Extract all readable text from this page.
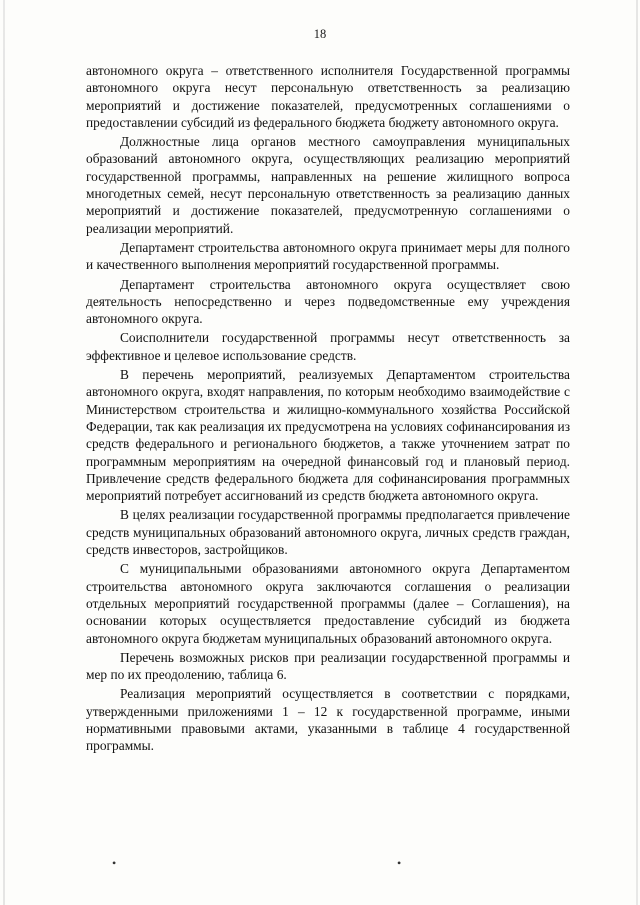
18

автономного округа – ответственного исполнителя Государственной программы автономного округа несут персональную ответственность за реализацию мероприятий и достижение показателей, предусмотренных соглашениями о предоставлении субсидий из федерального бюджета бюджету автономного округа.

Должностные лица органов местного самоуправления муниципальных образований автономного округа, осуществляющих реализацию мероприятий государственной программы, направленных на решение жилищного вопроса многодетных семей, несут персональную ответственность за реализацию данных мероприятий и достижение показателей, предусмотренную соглашениями о реализации мероприятий.

Департамент строительства автономного округа принимает меры для полного и качественного выполнения мероприятий государственной программы.

Департамент строительства автономного округа осуществляет свою деятельность непосредственно и через подведомственные ему учреждения автономного округа.

Соисполнители государственной программы несут ответственность за эффективное и целевое использование средств.

В перечень мероприятий, реализуемых Департаментом строительства автономного округа, входят направления, по которым необходимо взаимодействие с Министерством строительства и жилищно-коммунального хозяйства Российской Федерации, так как реализация их предусмотрена на условиях софинансирования из средств федерального и регионального бюджетов, а также уточнением затрат по программным мероприятиям на очередной финансовый год и плановый период. Привлечение средств федерального бюджета для софинансирования программных мероприятий потребует ассигнований из средств бюджета автономного округа.

В целях реализации государственной программы предполагается привлечение средств муниципальных образований автономного округа, личных средств граждан, средств инвесторов, застройщиков.

С муниципальными образованиями автономного округа Департаментом строительства автономного округа заключаются соглашения о реализации отдельных мероприятий государственной программы (далее – Соглашения), на основании которых осуществляется предоставление субсидий из бюджета автономного округа бюджетам муниципальных образований автономного округа.

Перечень возможных рисков при реализации государственной программы и мер по их преодолению, таблица 6.

Реализация мероприятий осуществляется в соответствии с порядками, утвержденными приложениями 1 – 12 к государственной программе, иными нормативными правовыми актами, указанными в таблице 4 государственной программы.

•	•
